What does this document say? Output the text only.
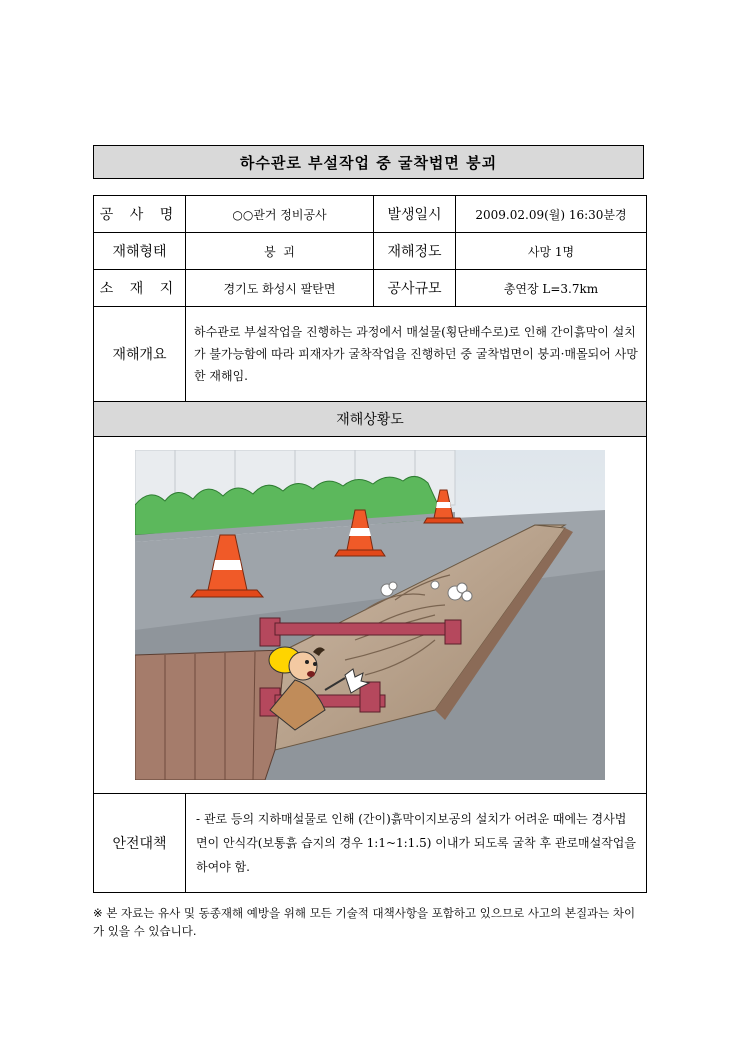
하수관로 부설작업 중 굴착법면 붕괴
공 사 명	○○관거 정비공사	발생일시	2009.02.09(월) 16:30분경
재해형태	붕  괴	재해정도	사망 1명
소 재 지	경기도 화성시 팔탄면	공사규모	총연장 L=3.7km
재해개요	하수관로 부설작업을 진행하는 과정에서 매설물(횡단배수로)로 인해 간이흙막이 설치가 불가능함에 따라 피재자가 굴착작업을 진행하던 중 굴착법면이 붕괴·매몰되어 사망한 재해임.		
재해상황도			

안전대책	- 관로 등의 지하매설물로 인해 (간이)흙막이지보공의 설치가 어려운 때에는 경사법면이 안식각(보통흙 습지의 경우 1:1~1:1.5) 이내가 되도록 굴착 후 관로매설작업을 하여야 함.		
※ 본 자료는 유사 및 동종재해 예방을 위해 모든 기술적 대책사항을 포함하고 있으므로 사고의 본질과는 차이가 있을 수 있습니다.
